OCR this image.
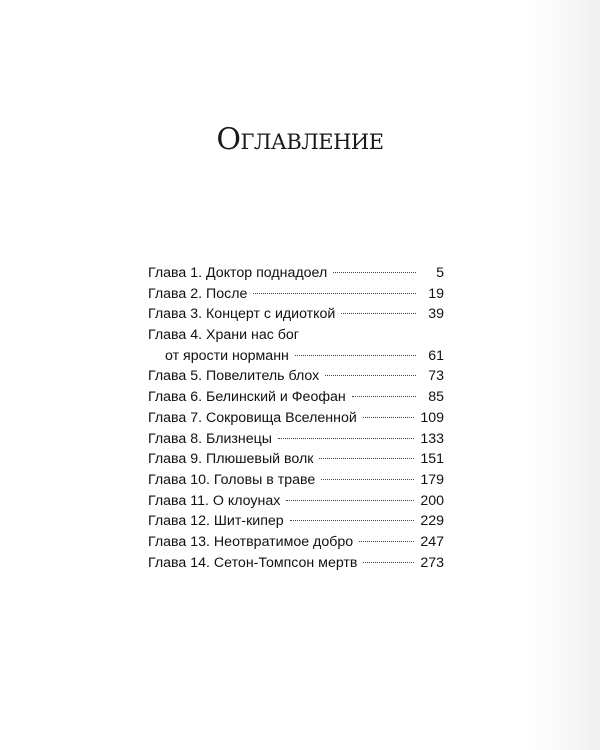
Оглавление
Глава 1. Доктор поднадоел	5
Глава 2. После	19
Глава 3. Концерт с идиоткой	39
Глава 4. Храни нас бог
от ярости норманн	61
Глава 5. Повелитель блох	73
Глава 6. Белинский и Феофан	85
Глава 7. Сокровища Вселенной	109
Глава 8. Близнецы	133
Глава 9. Плюшевый волк	151
Глава 10. Головы в траве	179
Глава 11. О клоунах	200
Глава 12. Шит-кипер	229
Глава 13. Неотвратимое добро	247
Глава 14. Сетон-Томпсон мертв	273
